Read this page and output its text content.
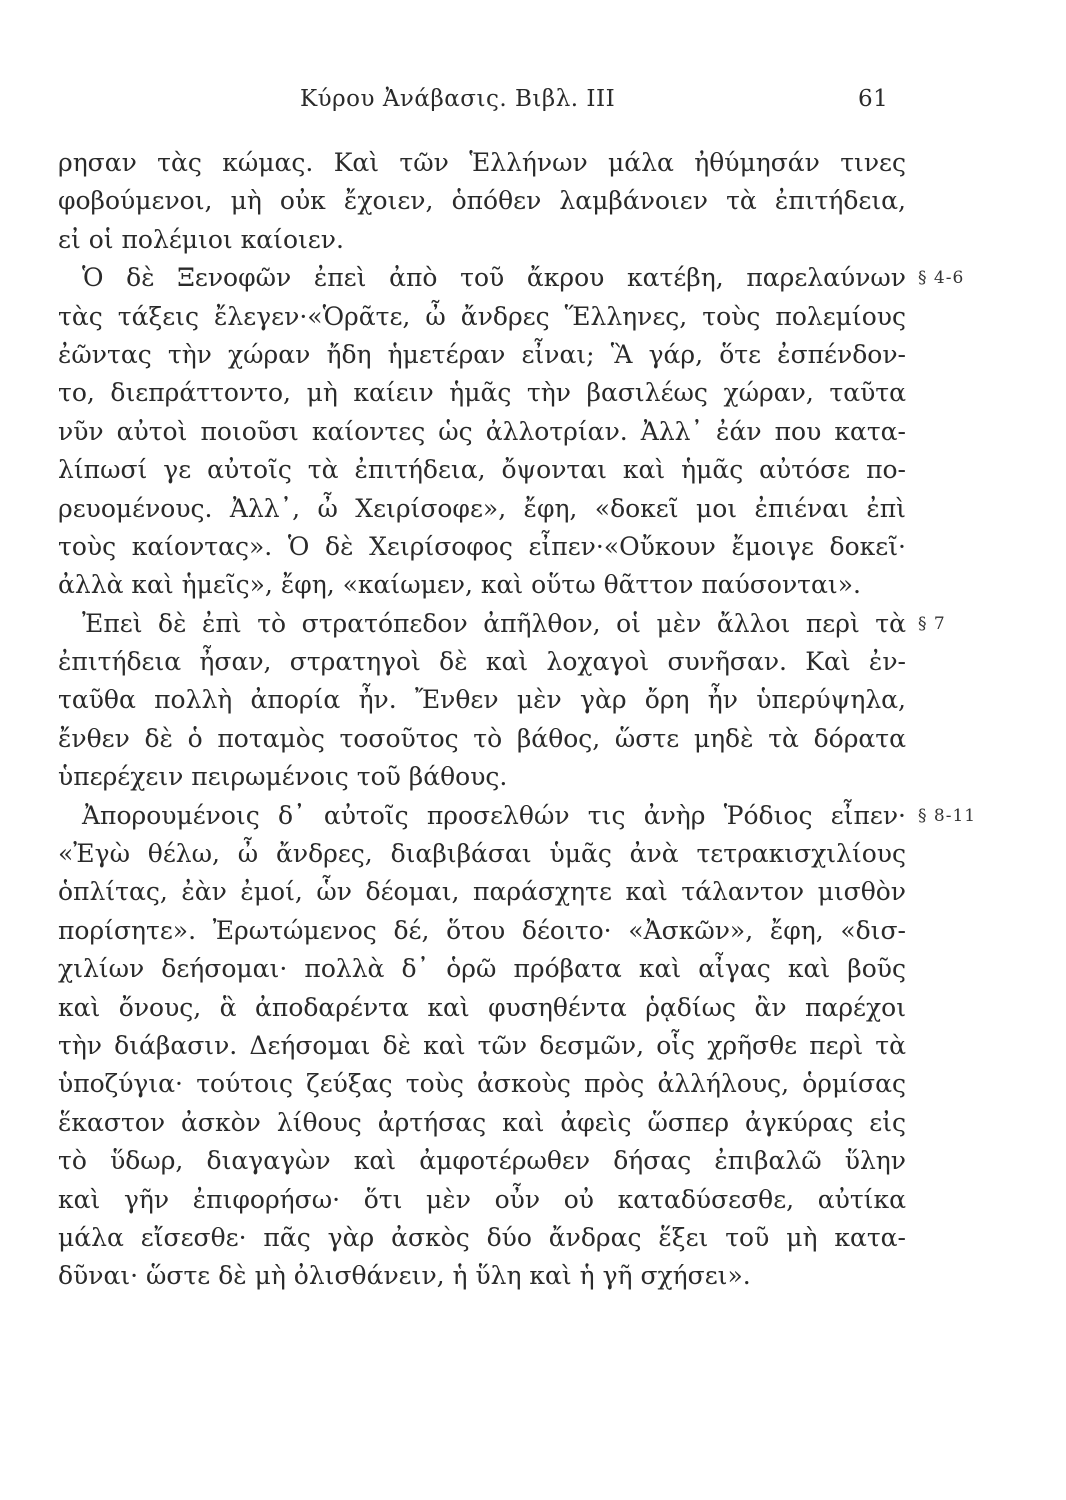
Κύρου Ἀνάβασις. Βιβλ. III	61
ρησαν τὰς κώμας. Καὶ τῶν Ἑλλήνων μάλα ἠθύμησάν τινες
φοβούμενοι, μὴ οὐκ ἔχοιεν, ὁπόθεν λαμβάνοιεν τὰ ἐπιτήδεια,
εἰ οἱ πολέμιοι καίοιεν.
Ὁ δὲ Ξενοφῶν ἐπεὶ ἀπὸ τοῦ ἄκρου κατέβη, παρελαύνων § 4-6
τὰς τάξεις ἔλεγεν·«Ὁρᾶτε, ὦ ἄνδρες Ἕλληνες, τοὺς πολεμίους
ἐῶντας τὴν χώραν ἤδη ἡμετέραν εἶναι; Ἃ γάρ, ὅτε ἐσπένδον-
το, διεπράττοντο, μὴ καίειν ἡμᾶς τὴν βασιλέως χώραν, ταῦτα
νῦν αὐτοὶ ποιοῦσι καίοντες ὡς ἀλλοτρίαν. Ἀλλ᾽ ἐάν που κατα-
λίπωσί γε αὐτοῖς τὰ ἐπιτήδεια, ὄψονται καὶ ἡμᾶς αὐτόσε πο-
ρευομένους. Ἀλλ᾽, ὦ Χειρίσοφε», ἔφη, «δοκεῖ μοι ἐπιέναι ἐπὶ
τοὺς καίοντας». Ὁ δὲ Χειρίσοφος εἶπεν·«Οὔκουν ἔμοιγε δοκεῖ·
ἀλλὰ καὶ ἡμεῖς», ἔφη, «καίωμεν, καὶ οὕτω θᾶττον παύσονται».
Ἐπεὶ δὲ ἐπὶ τὸ στρατόπεδον ἀπῆλθον, οἱ μὲν ἄλλοι περὶ τὰ § 7
ἐπιτήδεια ἦσαν, στρατηγοὶ δὲ καὶ λοχαγοὶ συνῆσαν. Καὶ ἐν-
ταῦθα πολλὴ ἀπορία ἦν. Ἔνθεν μὲν γὰρ ὄρη ἦν ὑπερύψηλα,
ἔνθεν δὲ ὁ ποταμὸς τοσοῦτος τὸ βάθος, ὥστε μηδὲ τὰ δόρατα
ὑπερέχειν πειρωμένοις τοῦ βάθους.
Ἀπορουμένοις δ᾽ αὐτοῖς προσελθών τις ἀνὴρ Ῥόδιος εἶπεν· § 8-11
«Ἐγὼ θέλω, ὦ ἄνδρες, διαβιβάσαι ὑμᾶς ἀνὰ τετρακισχιλίους
ὁπλίτας, ἐὰν ἐμοί, ὧν δέομαι, παράσχητε καὶ τάλαντον μισθὸν
πορίσητε». Ἐρωτώμενος δέ, ὅτου δέοιτο· «Ἀσκῶν», ἔφη, «δισ-
χιλίων δεήσομαι· πολλὰ δ᾽ ὁρῶ πρόβατα καὶ αἶγας καὶ βοῦς
καὶ ὄνους, ἃ ἀποδαρέντα καὶ φυσηθέντα ῥᾳδίως ἂν παρέχοι
τὴν διάβασιν. Δεήσομαι δὲ καὶ τῶν δεσμῶν, οἷς χρῆσθε περὶ τὰ
ὑποζύγια· τούτοις ζεύξας τοὺς ἀσκοὺς πρὸς ἀλλήλους, ὁρμίσας
ἕκαστον ἀσκὸν λίθους ἀρτήσας καὶ ἀφεὶς ὥσπερ ἀγκύρας εἰς
τὸ ὕδωρ, διαγαγὼν καὶ ἀμφοτέρωθεν δήσας ἐπιβαλῶ ὕλην
καὶ γῆν ἐπιφορήσω· ὅτι μὲν οὖν οὐ καταδύσεσθε, αὐτίκα
μάλα εἴσεσθε· πᾶς γὰρ ἀσκὸς δύο ἄνδρας ἕξει τοῦ μὴ κατα-
δῦναι· ὥστε δὲ μὴ ὀλισθάνειν, ἡ ὕλη καὶ ἡ γῆ σχήσει».
